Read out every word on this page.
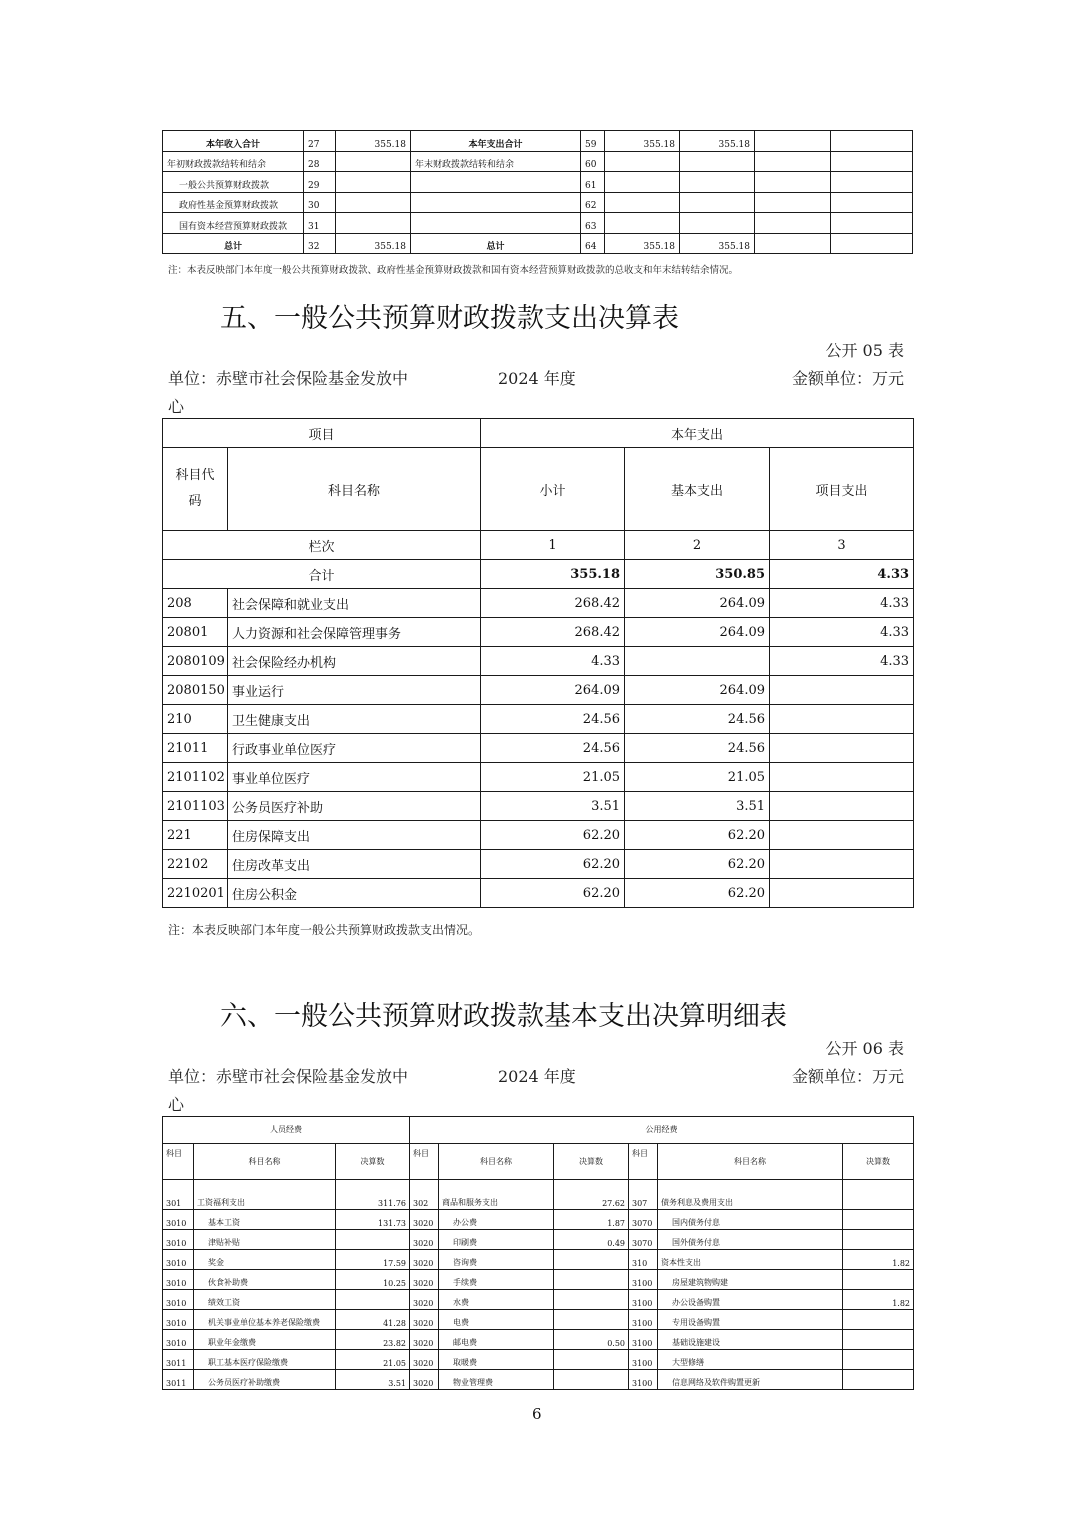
本年收入合计	27	355.18	本年支出合计	59	355.18	355.18		
年初财政拨款结转和结余	28		年末财政拨款结转和结余	60				
一般公共预算财政拨款	29			61				
政府性基金预算财政拨款	30			62				
国有资本经营预算财政拨款	31			63				
总计	32	355.18	总计	64	355.18	355.18		
注：本表反映部门本年度一般公共预算财政拨款、政府性基金预算财政拨款和国有资本经营预算财政拨款的总收支和年末结转结余情况。
五、一般公共预算财政拨款支出决算表
公开 05 表
单位：赤壁市社会保险基金发放中
心
2024 年度	金额单位：万元
项目		本年支出		
科目代码	科目名称	小计	基本支出	项目支出
栏次		1	2	3
合计		355.18	350.85	4.33
208	社会保障和就业支出	268.42	264.09	4.33
20801	人力资源和社会保障管理事务	268.42	264.09	4.33
2080109	社会保险经办机构	4.33		4.33
2080150	事业运行	264.09	264.09	
210	卫生健康支出	24.56	24.56	
21011	行政事业单位医疗	24.56	24.56	
2101102	事业单位医疗	21.05	21.05	
2101103	公务员医疗补助	3.51	3.51	
221	住房保障支出	62.20	62.20	
22102	住房改革支出	62.20	62.20	
2210201	住房公积金	62.20	62.20	
注：本表反映部门本年度一般公共预算财政拨款支出情况。
六、一般公共预算财政拨款基本支出决算明细表
公开 06 表
单位：赤壁市社会保险基金发放中
心
2024 年度	金额单位：万元
人员经费			公用经费					
科目	科目名称	决算数	科目	科目名称	决算数	科目	科目名称	决算数
301	工资福利支出	311.76	302	商品和服务支出	27.62	307	债务利息及费用支出	
3010	基本工资	131.73	3020	办公费	1.87	3070	国内债务付息	
3010	津贴补贴		3020	印刷费	0.49	3070	国外债务付息	
3010	奖金	17.59	3020	咨询费		310	资本性支出	1.82
3010	伙食补助费	10.25	3020	手续费		3100	房屋建筑物购建	
3010	绩效工资		3020	水费		3100	办公设备购置	1.82
3010	机关事业单位基本养老保险缴费	41.28	3020	电费		3100	专用设备购置	
3010	职业年金缴费	23.82	3020	邮电费	0.50	3100	基础设施建设	
3011	职工基本医疗保险缴费	21.05	3020	取暖费		3100	大型修缮	
3011	公务员医疗补助缴费	3.51	3020	物业管理费		3100	信息网络及软件购置更新	
6
